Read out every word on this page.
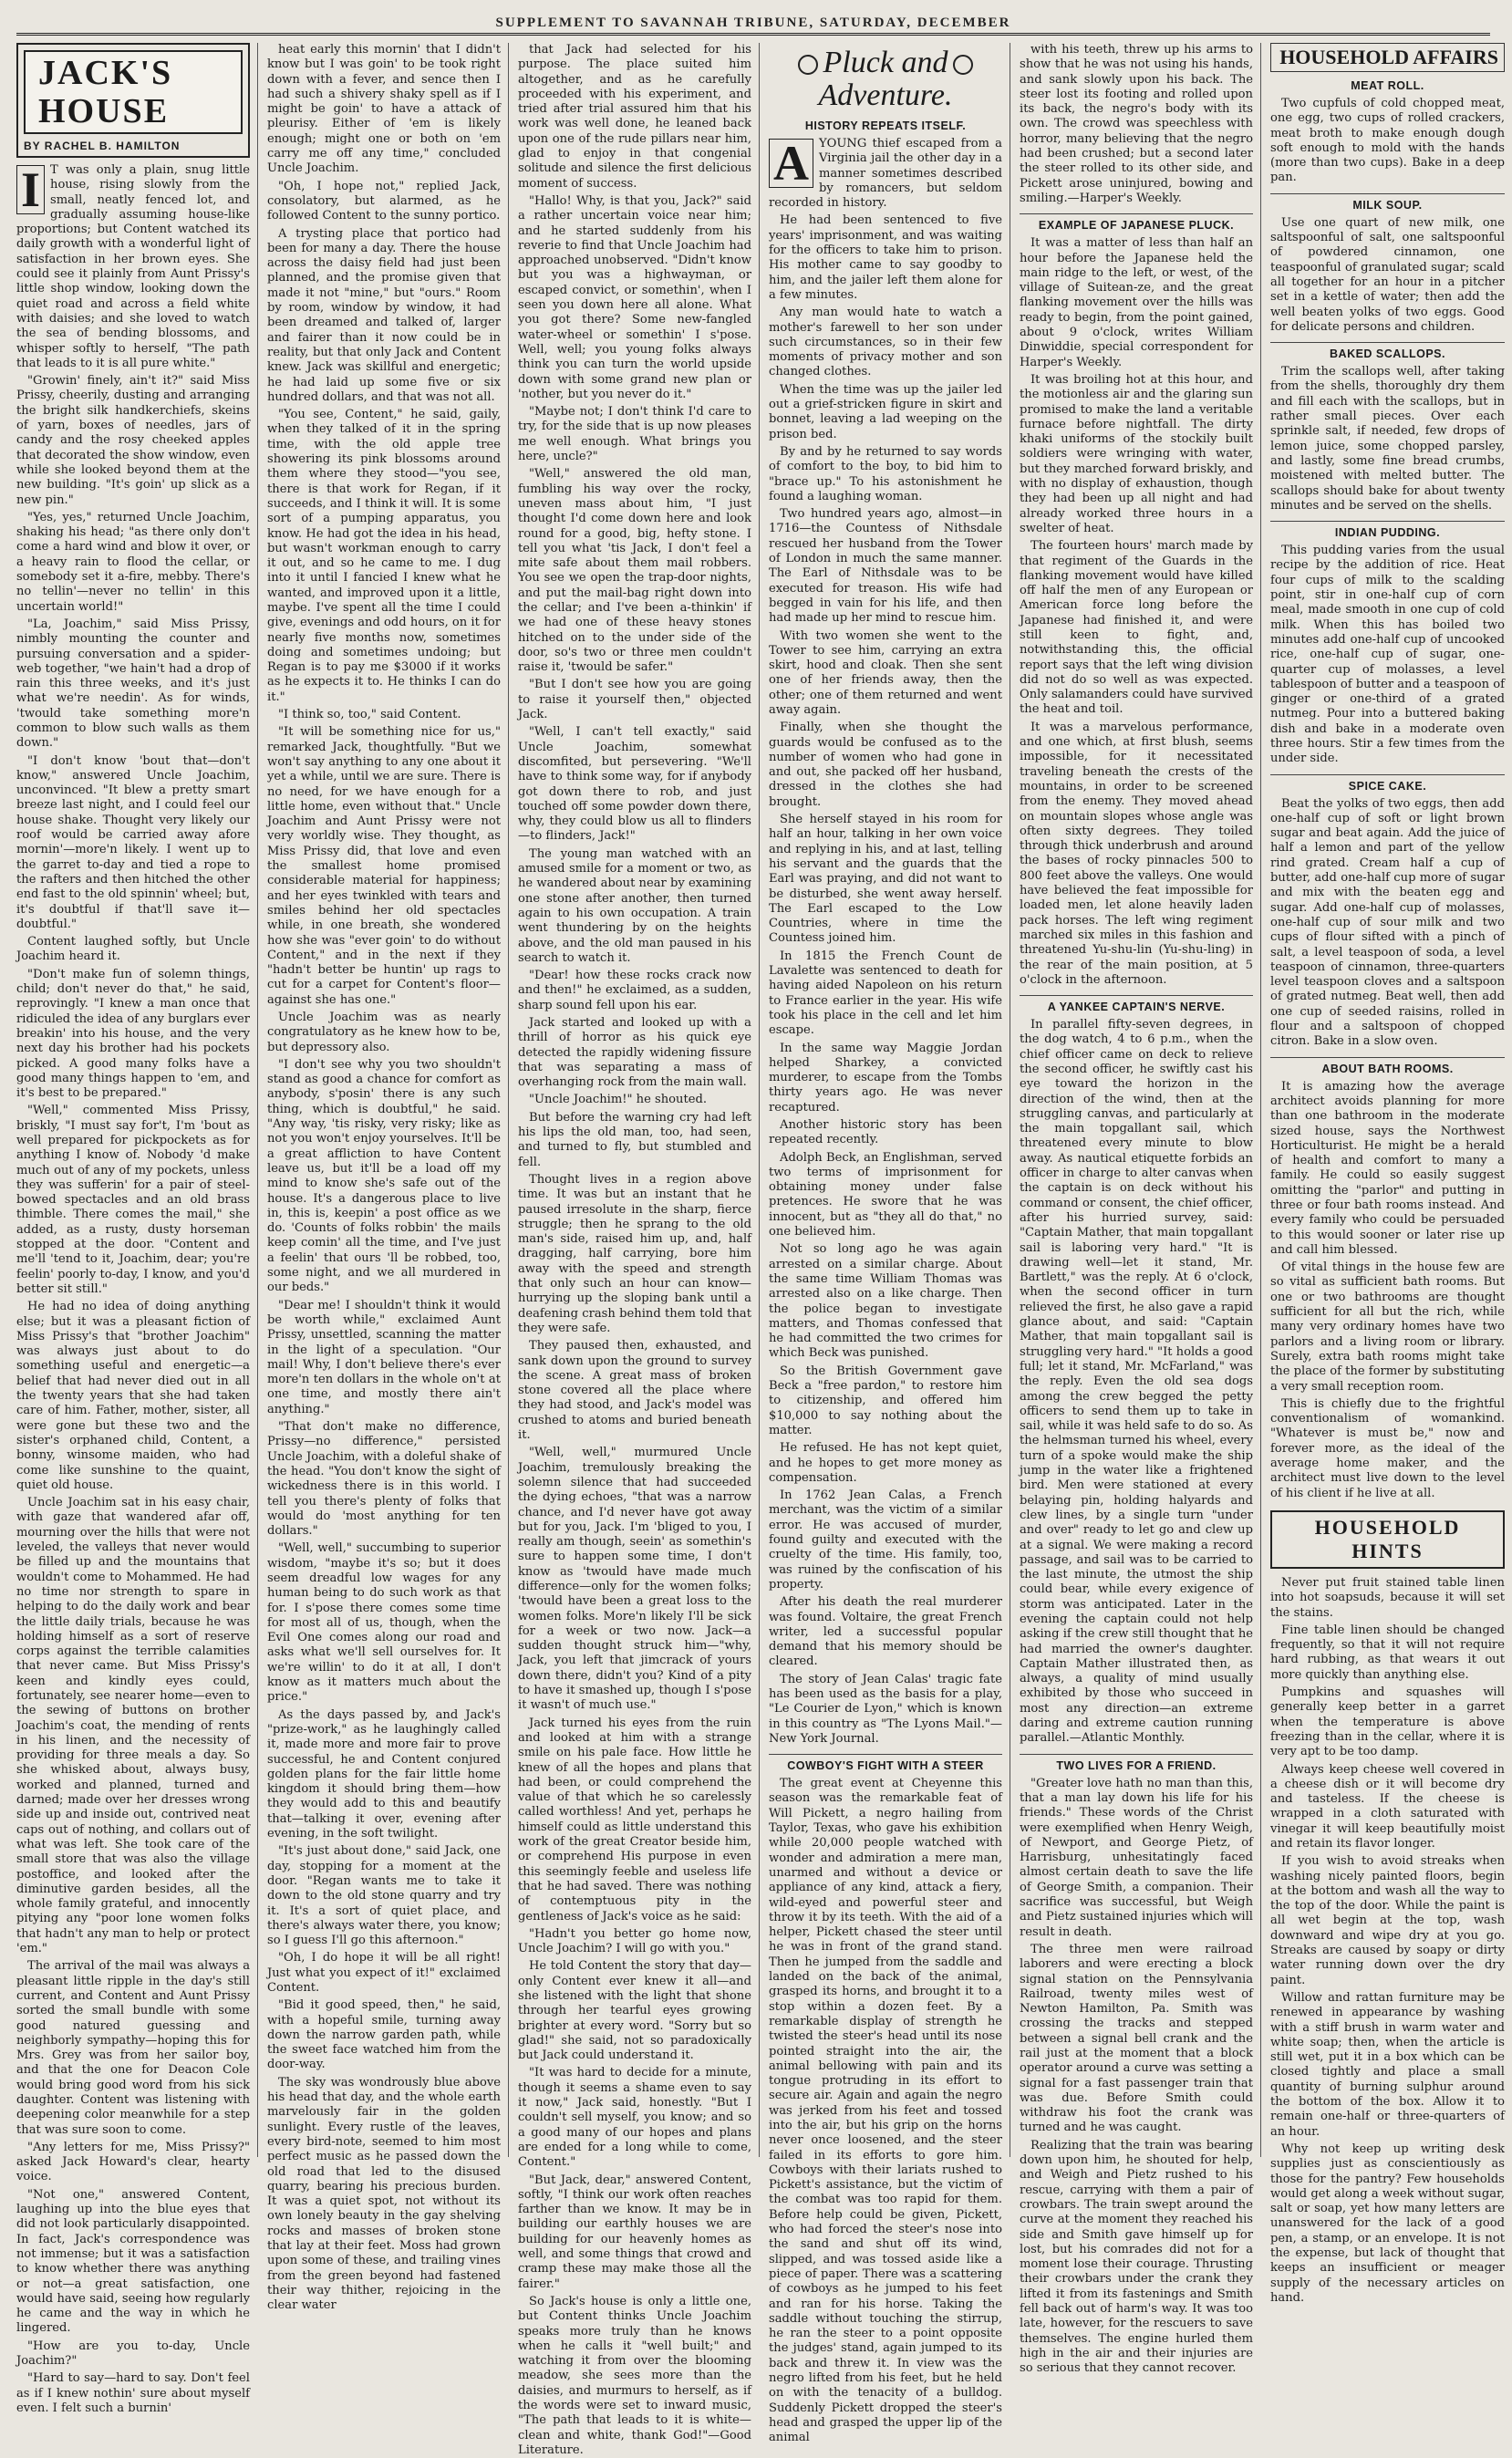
SUPPLEMENT TO SAVANNAH TRIBUNE, SATURDAY, DECEMBER
JACK'S HOUSE
BY RACHEL B. HAMILTON

I T was only a plain, snug little house, rising slowly from the small, neatly fenced lot, and gradually assuming house-like proportions; but Content watched its daily growth with a wonderful light of satisfaction in her brown eyes. She could see it plainly from Aunt Prissy's little shop window, looking down the quiet road and across a field white with daisies; and she loved to watch the sea of bending blossoms, and whisper softly to herself, "The path that leads to it is all pure white."

"Growin' finely, ain't it?" said Miss Prissy, cheerily, dusting and arranging the bright silk handkerchiefs, skeins of yarn, boxes of needles, jars of candy and the rosy cheeked apples that decorated the show window, even while she looked beyond them at the new building. "It's goin' up slick as a new pin."

"Yes, yes," returned Uncle Joachim, shaking his head; "as there only don't come a hard wind and blow it over, or a heavy rain to flood the cellar, or somebody set it a-fire, mebby. There's no tellin'—never no tellin' in this uncertain world!"

"La, Joachim," said Miss Prissy, nimbly mounting the counter and pursuing conversation and a spider-web together, "we hain't had a drop of rain this three weeks, and it's just what we're needin'. As for winds, 'twould take something more'n common to blow such walls as them down."

"I don't know 'bout that—don't know," answered Uncle Joachim, unconvinced. "It blew a pretty smart breeze last night, and I could feel our house shake. Thought very likely our roof would be carried away afore mornin'—more'n likely. I went up to the garret to-day and tied a rope to the rafters and then hitched the other end fast to the old spinnin' wheel; but, it's doubtful if that'll save it—doubtful."

Content laughed softly, but Uncle Joachim heard it.

"Don't make fun of solemn things, child; don't never do that," he said, reprovingly. "I knew a man once that ridiculed the idea of any burglars ever breakin' into his house, and the very next day his brother had his pockets picked. A good many folks have a good many things happen to 'em, and it's best to be prepared."

"Well," commented Miss Prissy, briskly, "I must say for't, I'm 'bout as well prepared for pickpockets as for anything I know of. Nobody 'd make much out of any of my pockets, unless they was sufferin' for a pair of steel-bowed spectacles and an old brass thimble. There comes the mail," she added, as a rusty, dusty horseman stopped at the door. "Content and me'll 'tend to it, Joachim, dear; you're feelin' poorly to-day, I know, and you'd better sit still."

He had no idea of doing anything else; but it was a pleasant fiction of Miss Prissy's that "brother Joachim" was always just about to do something useful and energetic—a belief that had never died out in all the twenty years that she had taken care of him. Father, mother, sister, all were gone but these two and the sister's orphaned child, Content, a bonny, winsome maiden, who had come like sunshine to the quaint, quiet old house.

Uncle Joachim sat in his easy chair, with gaze that wandered afar off, mourning over the hills that were not leveled, the valleys that never would be filled up and the mountains that wouldn't come to Mohammed. He had no time nor strength to spare in helping to do the daily work and bear the little daily trials, because he was holding himself as a sort of reserve corps against the terrible calamities that never came. But Miss Prissy's keen and kindly eyes could, fortunately, see nearer home—even to the sewing of buttons on brother Joachim's coat, the mending of rents in his linen, and the necessity of providing for three meals a day. So she whisked about, always busy, worked and planned, turned and darned; made over her dresses wrong side up and inside out, contrived neat caps out of nothing, and collars out of what was left. She took care of the small store that was also the village postoffice, and looked after the diminutive garden besides, all the whole family grateful, and innocently pitying any "poor lone women folks that hadn't any man to help or protect 'em."

The arrival of the mail was always a pleasant little ripple in the day's still current, and Content and Aunt Prissy sorted the small bundle with some good natured guessing and neighborly sympathy—hoping this for Mrs. Grey was from her sailor boy, and that the one for Deacon Cole would bring good word from his sick daughter. Content was listening with deepening color meanwhile for a step that was sure soon to come.

"Any letters for me, Miss Prissy?" asked Jack Howard's clear, hearty voice.

"Not one," answered Content, laughing up into the blue eyes that did not look particularly disappointed. In fact, Jack's correspondence was not immense; but it was a satisfaction to know whether there was anything or not—a great satisfaction, one would have said, seeing how regularly he came and the way in which he lingered.

"How are you to-day, Uncle Joachim?"

"Hard to say—hard to say. Don't feel as if I knew nothin' sure about myself even. I felt such a burnin'

heat early this mornin' that I didn't know but I was goin' to be took right down with a fever, and sence then I had such a shivery shaky spell as if I might be goin' to have a attack of pleurisy. Either of 'em is likely enough; might one or both on 'em carry me off any time," concluded Uncle Joachim.

"Oh, I hope not," replied Jack, consolatory, but alarmed, as he followed Content to the sunny portico.

A trysting place that portico had been for many a day. There the house across the daisy field had just been planned, and the promise given that made it not "mine," but "ours." Room by room, window by window, it had been dreamed and talked of, larger and fairer than it now could be in reality, but that only Jack and Content knew. Jack was skillful and energetic; he had laid up some five or six hundred dollars, and that was not all.

"You see, Content," he said, gaily, when they talked of it in the spring time, with the old apple tree showering its pink blossoms around them where they stood—"you see, there is that work for Regan, if it succeeds, and I think it will. It is some sort of a pumping apparatus, you know. He had got the idea in his head, but wasn't workman enough to carry it out, and so he came to me. I dug into it until I fancied I knew what he wanted, and improved upon it a little, maybe. I've spent all the time I could give, evenings and odd hours, on it for nearly five months now, sometimes doing and sometimes undoing; but Regan is to pay me $3000 if it works as he expects it to. He thinks I can do it."

"I think so, too," said Content.

"It will be something nice for us," remarked Jack, thoughtfully. "But we won't say anything to any one about it yet a while, until we are sure. There is no need, for we have enough for a little home, even without that." Uncle Joachim and Aunt Prissy were not very worldly wise. They thought, as Miss Prissy did, that love and even the smallest home promised considerable material for happiness; and her eyes twinkled with tears and smiles behind her old spectacles while, in one breath, she wondered how she was "ever goin' to do without Content," and in the next if they "hadn't better be huntin' up rags to cut for a carpet for Content's floor—against she has one."

Uncle Joachim was as nearly congratulatory as he knew how to be, but depressory also.

"I don't see why you two shouldn't stand as good a chance for comfort as anybody, s'posin' there is any such thing, which is doubtful," he said. "Any way, 'tis risky, very risky; like as not you won't enjoy yourselves. It'll be a great affliction to have Content leave us, but it'll be a load off my mind to know she's safe out of the house. It's a dangerous place to live in, this is, keepin' a post office as we do. 'Counts of folks robbin' the mails keep comin' all the time, and I've just a feelin' that ours 'll be robbed, too, some night, and we all murdered in our beds."

"Dear me! I shouldn't think it would be worth while," exclaimed Aunt Prissy, unsettled, scanning the matter in the light of a speculation. "Our mail! Why, I don't believe there's ever more'n ten dollars in the whole on't at one time, and mostly there ain't anything."

"That don't make no difference, Prissy—no difference," persisted Uncle Joachim, with a doleful shake of the head. "You don't know the sight of wickedness there is in this world. I tell you there's plenty of folks that would do 'most anything for ten dollars."

"Well, well," succumbing to superior wisdom, "maybe it's so; but it does seem dreadful low wages for any human being to do such work as that for. I s'pose there comes some time for most all of us, though, when the Evil One comes along our road and asks what we'll sell ourselves for. It we're willin' to do it at all, I don't know as it matters much about the price."

As the days passed by, and Jack's "prize-work," as he laughingly called it, made more and more fair to prove successful, he and Content conjured golden plans for the fair little home kingdom it should bring them—how they would add to this and beautify that—talking it over, evening after evening, in the soft twilight.

"It's just about done," said Jack, one day, stopping for a moment at the door. "Regan wants me to take it down to the old stone quarry and try it. It's a sort of quiet place, and there's always water there, you know; so I guess I'll go this afternoon."

"Oh, I do hope it will be all right! Just what you expect of it!" exclaimed Content.

"Bid it good speed, then," he said, with a hopeful smile, turning away down the narrow garden path, while the sweet face watched him from the door-way.

The sky was wondrously blue above his head that day, and the whole earth marvelously fair in the golden sunlight. Every rustle of the leaves, every bird-note, seemed to him most perfect music as he passed down the old road that led to the disused quarry, bearing his precious burden. It was a quiet spot, not without its own lonely beauty in the gay shelving rocks and masses of broken stone that lay at their feet. Moss had grown upon some of these, and trailing vines from the green beyond had fastened their way thither, rejoicing in the clear water

that Jack had selected for his purpose. The place suited him altogether, and as he carefully proceeded with his experiment, and tried after trial assured him that his work was well done, he leaned back upon one of the rude pillars near him, glad to enjoy in that congenial solitude and silence the first delicious moment of success.

"Hallo! Why, is that you, Jack?" said a rather uncertain voice near him; and he started suddenly from his reverie to find that Uncle Joachim had approached unobserved. "Didn't know but you was a highwayman, or escaped convict, or somethin', when I seen you down here all alone. What you got there? Some new-fangled water-wheel or somethin' I s'pose. Well, well; you young folks always think you can turn the world upside down with some grand new plan or 'nother, but you never do it."

"Maybe not; I don't think I'd care to try, for the side that is up now pleases me well enough. What brings you here, uncle?"

"Well," answered the old man, fumbling his way over the rocky, uneven mass about him, "I just thought I'd come down here and look round for a good, big, hefty stone. I tell you what 'tis Jack, I don't feel a mite safe about them mail robbers. You see we open the trap-door nights, and put the mail-bag right down into the cellar; and I've been a-thinkin' if we had one of these heavy stones hitched on to the under side of the door, so's two or three men couldn't raise it, 'twould be safer."

"But I don't see how you are going to raise it yourself then," objected Jack.

"Well, I can't tell exactly," said Uncle Joachim, somewhat discomfited, but persevering. "We'll have to think some way, for if anybody got down there to rob, and just touched off some powder down there, why, they could blow us all to flinders—to flinders, Jack!"

The young man watched with an amused smile for a moment or two, as he wandered about near by examining one stone after another, then turned again to his own occupation. A train went thundering by on the heights above, and the old man paused in his search to watch it.

"Dear! how these rocks crack now and then!" he exclaimed, as a sudden, sharp sound fell upon his ear.

Jack started and looked up with a thrill of horror as his quick eye detected the rapidly widening fissure that was separating a mass of overhanging rock from the main wall.

"Uncle Joachim!" he shouted.

But before the warning cry had left his lips the old man, too, had seen, and turned to fly, but stumbled and fell.

Thought lives in a region above time. It was but an instant that he paused irresolute in the sharp, fierce struggle; then he sprang to the old man's side, raised him up, and, half dragging, half carrying, bore him away with the speed and strength that only such an hour can know—hurrying up the sloping bank until a deafening crash behind them told that they were safe.

They paused then, exhausted, and sank down upon the ground to survey the scene. A great mass of broken stone covered all the place where they had stood, and Jack's model was crushed to atoms and buried beneath it.

"Well, well," murmured Uncle Joachim, tremulously breaking the solemn silence that had succeeded the dying echoes, "that was a narrow chance, and I'd never have got away but for you, Jack. I'm 'bliged to you, I really am though, seein' as somethin's sure to happen some time, I don't know as 'twould have made much difference—only for the women folks; 'twould have been a great loss to the women folks. More'n likely I'll be sick for a week or two now. Jack—a sudden thought struck him—"why, Jack, you left that jimcrack of yours down there, didn't you? Kind of a pity to have it smashed up, though I s'pose it wasn't of much use."

Jack turned his eyes from the ruin and looked at him with a strange smile on his pale face. How little he knew of all the hopes and plans that had been, or could comprehend the value of that which he so carelessly called worthless! And yet, perhaps he himself could as little understand this work of the great Creator beside him, or comprehend His purpose in even this seemingly feeble and useless life that he had saved. There was nothing of contemptuous pity in the gentleness of Jack's voice as he said:

"Hadn't you better go home now, Uncle Joachim? I will go with you."

He told Content the story that day—only Content ever knew it all—and she listened with the light that shone through her tearful eyes growing brighter at every word. "Sorry but so glad!" she said, not so paradoxically but Jack could understand it.

"It was hard to decide for a minute, though it seems a shame even to say it now," Jack said, honestly. "But I couldn't sell myself, you know; and so a good many of our hopes and plans are ended for a long while to come, Content."

"But Jack, dear," answered Content, softly, "I think our work often reaches farther than we know. It may be in building our earthly houses we are building for our heavenly homes as well, and some things that crowd and cramp these may make those all the fairer."

So Jack's house is only a little one, but Content thinks Uncle Joachim speaks more truly than he knows when he calls it "well built;" and watching it from over the blooming meadow, she sees more than the daisies, and murmurs to herself, as if the words were set to inward music, "The path that leads to it is white—clean and white, thank God!"—Good Literature.

Pluck and
Adventure.
HISTORY REPEATS ITSELF.

A YOUNG thief escaped from a Virginia jail the other day in a manner sometimes described by romancers, but seldom recorded in history.

He had been sentenced to five years' imprisonment, and was waiting for the officers to take him to prison. His mother came to say goodby to him, and the jailer left them alone for a few minutes.

Any man would hate to watch a mother's farewell to her son under such circumstances, so in their few moments of privacy mother and son changed clothes.

When the time was up the jailer led out a grief-stricken figure in skirt and bonnet, leaving a lad weeping on the prison bed.

By and by he returned to say words of comfort to the boy, to bid him to "brace up." To his astonishment he found a laughing woman.

Two hundred years ago, almost—in 1716—the Countess of Nithsdale rescued her husband from the Tower of London in much the same manner. The Earl of Nithsdale was to be executed for treason. His wife had begged in vain for his life, and then had made up her mind to rescue him.

With two women she went to the Tower to see him, carrying an extra skirt, hood and cloak. Then she sent one of her friends away, then the other; one of them returned and went away again.

Finally, when she thought the guards would be confused as to the number of women who had gone in and out, she packed off her husband, dressed in the clothes she had brought.

She herself stayed in his room for half an hour, talking in her own voice and replying in his, and at last, telling his servant and the guards that the Earl was praying, and did not want to be disturbed, she went away herself. The Earl escaped to the Low Countries, where in time the Countess joined him.

In 1815 the French Count de Lavalette was sentenced to death for having aided Napoleon on his return to France earlier in the year. His wife took his place in the cell and let him escape.

In the same way Maggie Jordan helped Sharkey, a convicted murderer, to escape from the Tombs thirty years ago. He was never recaptured.

Another historic story has been repeated recently.

Adolph Beck, an Englishman, served two terms of imprisonment for obtaining money under false pretences. He swore that he was innocent, but as "they all do that," no one believed him.

Not so long ago he was again arrested on a similar charge. About the same time William Thomas was arrested also on a like charge. Then the police began to investigate matters, and Thomas confessed that he had committed the two crimes for which Beck was punished.

So the British Government gave Beck a "free pardon," to restore him to citizenship, and offered him $10,000 to say nothing about the matter.

He refused. He has not kept quiet, and he hopes to get more money as compensation.

In 1762 Jean Calas, a French merchant, was the victim of a similar error. He was accused of murder, found guilty and executed with the cruelty of the time. His family, too, was ruined by the confiscation of his property.

After his death the real murderer was found. Voltaire, the great French writer, led a successful popular demand that his memory should be cleared.

The story of Jean Calas' tragic fate has been used as the basis for a play, "Le Courier de Lyon," which is known in this country as "The Lyons Mail."—New York Journal.

COWBOY'S FIGHT WITH A STEER

The great event at Cheyenne this season was the remarkable feat of Will Pickett, a negro hailing from Taylor, Texas, who gave his exhibition while 20,000 people watched with wonder and admiration a mere man, unarmed and without a device or appliance of any kind, attack a fiery, wild-eyed and powerful steer and throw it by its teeth. With the aid of a helper, Pickett chased the steer until he was in front of the grand stand. Then he jumped from the saddle and landed on the back of the animal, grasped its horns, and brought it to a stop within a dozen feet. By a remarkable display of strength he twisted the steer's head until its nose pointed straight into the air, the animal bellowing with pain and its tongue protruding in its effort to secure air. Again and again the negro was jerked from his feet and tossed into the air, but his grip on the horns never once loosened, and the steer failed in its efforts to gore him. Cowboys with their lariats rushed to Pickett's assistance, but the victim of the combat was too rapid for them. Before help could be given, Pickett, who had forced the steer's nose into the sand and shut off its wind, slipped, and was tossed aside like a piece of paper. There was a scattering of cowboys as he jumped to his feet and ran for his horse. Taking the saddle without touching the stirrup, he ran the steer to a point opposite the judges' stand, again jumped to its back and threw it. In view was the negro lifted from his feet, but he held on with the tenacity of a bulldog. Suddenly Pickett dropped the steer's head and grasped the upper lip of the animal

with his teeth, threw up his arms to show that he was not using his hands, and sank slowly upon his back. The steer lost its footing and rolled upon its back, the negro's body with its own. The crowd was speechless with horror, many believing that the negro had been crushed; but a second later the steer rolled to its other side, and Pickett arose uninjured, bowing and smiling.—Harper's Weekly.

EXAMPLE OF JAPANESE PLUCK.

It was a matter of less than half an hour before the Japanese held the main ridge to the left, or west, of the village of Suitean-ze, and the great flanking movement over the hills was ready to begin, from the point gained, about 9 o'clock, writes William Dinwiddie, special correspondent for Harper's Weekly.

It was broiling hot at this hour, and the motionless air and the glaring sun promised to make the land a veritable furnace before nightfall. The dirty khaki uniforms of the stockily built soldiers were wringing with water, but they marched forward briskly, and with no display of exhaustion, though they had been up all night and had already worked three hours in a swelter of heat.

The fourteen hours' march made by that regiment of the Guards in the flanking movement would have killed off half the men of any European or American force long before the Japanese had finished it, and were still keen to fight, and, notwithstanding this, the official report says that the left wing division did not do so well as was expected. Only salamanders could have survived the heat and toil.

It was a marvelous performance, and one which, at first blush, seems impossible, for it necessitated traveling beneath the crests of the mountains, in order to be screened from the enemy. They moved ahead on mountain slopes whose angle was often sixty degrees. They toiled through thick underbrush and around the bases of rocky pinnacles 500 to 800 feet above the valleys. One would have believed the feat impossible for loaded men, let alone heavily laden pack horses. The left wing regiment marched six miles in this fashion and threatened Yu-shu-lin (Yu-shu-ling) in the rear of the main position, at 5 o'clock in the afternoon.

A YANKEE CAPTAIN'S NERVE.

In parallel fifty-seven degrees, in the dog watch, 4 to 6 p.m., when the chief officer came on deck to relieve the second officer, he swiftly cast his eye toward the horizon in the direction of the wind, then at the struggling canvas, and particularly at the main topgallant sail, which threatened every minute to blow away. As nautical etiquette forbids an officer in charge to alter canvas when the captain is on deck without his command or consent, the chief officer, after his hurried survey, said: "Captain Mather, that main topgallant sail is laboring very hard." "It is drawing well—let it stand, Mr. Bartlett," was the reply. At 6 o'clock, when the second officer in turn relieved the first, he also gave a rapid glance about, and said: "Captain Mather, that main topgallant sail is struggling very hard." "It holds a good full; let it stand, Mr. McFarland," was the reply. Even the old sea dogs among the crew begged the petty officers to send them up to take in sail, while it was held safe to do so. As the helmsman turned his wheel, every turn of a spoke would make the ship jump in the water like a frightened bird. Men were stationed at every belaying pin, holding halyards and clew lines, by a single turn "under and over" ready to let go and clew up at a signal. We were making a record passage, and sail was to be carried to the last minute, the utmost the ship could bear, while every exigence of storm was anticipated. Later in the evening the captain could not help asking if the crew still thought that he had married the owner's daughter. Captain Mather illustrated then, as always, a quality of mind usually exhibited by those who succeed in most any direction—an extreme daring and extreme caution running parallel.—Atlantic Monthly.

TWO LIVES FOR A FRIEND.

"Greater love hath no man than this, that a man lay down his life for his friends." These words of the Christ were exemplified when Henry Weigh, of Newport, and George Pietz, of Harrisburg, unhesitatingly faced almost certain death to save the life of George Smith, a companion. Their sacrifice was successful, but Weigh and Pietz sustained injuries which will result in death.

The three men were railroad laborers and were erecting a block signal station on the Pennsylvania Railroad, twenty miles west of Newton Hamilton, Pa. Smith was crossing the tracks and stepped between a signal bell crank and the rail just at the moment that a block operator around a curve was setting a signal for a fast passenger train that was due. Before Smith could withdraw his foot the crank was turned and he was caught.

Realizing that the train was bearing down upon him, he shouted for help, and Weigh and Pietz rushed to his rescue, carrying with them a pair of crowbars. The train swept around the curve at the moment they reached his side and Smith gave himself up for lost, but his comrades did not for a moment lose their courage. Thrusting their crowbars under the crank they lifted it from its fastenings and Smith fell back out of harm's way. It was too late, however, for the rescuers to save themselves. The engine hurled them high in the air and their injuries are so serious that they cannot recover.

HOUSEHOLD AFFAIRS
MEAT ROLL.

Two cupfuls of cold chopped meat, one egg, two cups of rolled crackers, meat broth to make enough dough soft enough to mold with the hands (more than two cups). Bake in a deep pan.

MILK SOUP.

Use one quart of new milk, one saltspoonful of salt, one saltspoonful of powdered cinnamon, one teaspoonful of granulated sugar; scald all together for an hour in a pitcher set in a kettle of water; then add the well beaten yolks of two eggs. Good for delicate persons and children.

BAKED SCALLOPS.

Trim the scallops well, after taking from the shells, thoroughly dry them and fill each with the scallops, but in rather small pieces. Over each sprinkle salt, if needed, few drops of lemon juice, some chopped parsley, and lastly, some fine bread crumbs, moistened with melted butter. The scallops should bake for about twenty minutes and be served on the shells.

INDIAN PUDDING.

This pudding varies from the usual recipe by the addition of rice. Heat four cups of milk to the scalding point, stir in one-half cup of corn meal, made smooth in one cup of cold milk. When this has boiled two minutes add one-half cup of uncooked rice, one-half cup of sugar, one-quarter cup of molasses, a level tablespoon of butter and a teaspoon of ginger or one-third of a grated nutmeg. Pour into a buttered baking dish and bake in a moderate oven three hours. Stir a few times from the under side.

SPICE CAKE.

Beat the yolks of two eggs, then add one-half cup of soft or light brown sugar and beat again. Add the juice of half a lemon and part of the yellow rind grated. Cream half a cup of butter, add one-half cup more of sugar and mix with the beaten egg and sugar. Add one-half cup of molasses, one-half cup of sour milk and two cups of flour sifted with a pinch of salt, a level teaspoon of soda, a level teaspoon of cinnamon, three-quarters level teaspoon cloves and a saltspoon of grated nutmeg. Beat well, then add one cup of seeded raisins, rolled in flour and a saltspoon of chopped citron. Bake in a slow oven.

ABOUT BATH ROOMS.

It is amazing how the average architect avoids planning for more than one bathroom in the moderate sized house, says the Northwest Horticulturist. He might be a herald of health and comfort to many a family. He could so easily suggest omitting the "parlor" and putting in three or four bath rooms instead. And every family who could be persuaded to this would sooner or later rise up and call him blessed.

Of vital things in the house few are so vital as sufficient bath rooms. But one or two bathrooms are thought sufficient for all but the rich, while many very ordinary homes have two parlors and a living room or library. Surely, extra bath rooms might take the place of the former by substituting a very small reception room.

This is chiefly due to the frightful conventionalism of womankind. "Whatever is must be," now and forever more, as the ideal of the average home maker, and the architect must live down to the level of his client if he live at all.

HOUSEHOLD HINTS

Never put fruit stained table linen into hot soapsuds, because it will set the stains.

Fine table linen should be changed frequently, so that it will not require hard rubbing, as that wears it out more quickly than anything else.

Pumpkins and squashes will generally keep better in a garret when the temperature is above freezing than in the cellar, where it is very apt to be too damp.

Always keep cheese well covered in a cheese dish or it will become dry and tasteless. If the cheese is wrapped in a cloth saturated with vinegar it will keep beautifully moist and retain its flavor longer.

If you wish to avoid streaks when washing nicely painted floors, begin at the bottom and wash all the way to the top of the door. While the paint is all wet begin at the top, wash downward and wipe dry at you go. Streaks are caused by soapy or dirty water running down over the dry paint.

Willow and rattan furniture may be renewed in appearance by washing with a stiff brush in warm water and white soap; then, when the article is still wet, put it in a box which can be closed tightly and place a small quantity of burning sulphur around the bottom of the box. Allow it to remain one-half or three-quarters of an hour.

Why not keep up writing desk supplies just as conscientiously as those for the pantry? Few households would get along a week without sugar, salt or soap, yet how many letters are unanswered for the lack of a good pen, a stamp, or an envelope. It is not the expense, but lack of thought that keeps an insufficient or meager supply of the necessary articles on hand.
